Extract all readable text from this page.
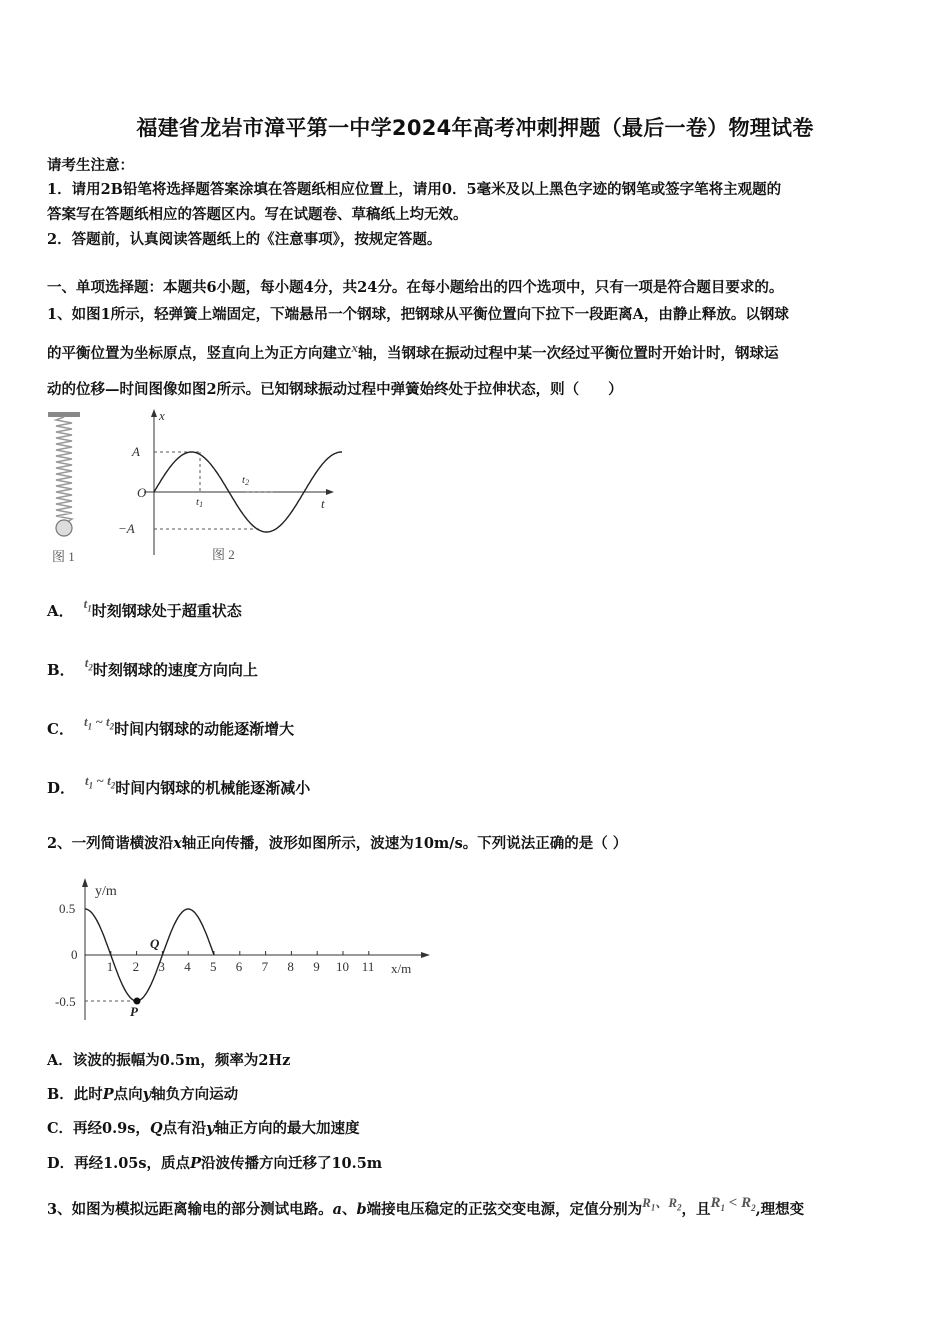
福建省龙岩市漳平第一中学2024年高考冲刺押题（最后一卷）物理试卷
请考生注意：
1．请用2B铅笔将选择题答案涂填在答题纸相应位置上，请用0．5毫米及以上黑色字迹的钢笔或签字笔将主观题的
答案写在答题纸相应的答题区内。写在试题卷、草稿纸上均无效。
2．答题前，认真阅读答题纸上的《注意事项》，按规定答题。
一、单项选择题：本题共6小题，每小题4分，共24分。在每小题给出的四个选项中，只有一项是符合题目要求的。
1、如图1所示，轻弹簧上端固定，下端悬吊一个钢球，把钢球从平衡位置向下拉下一段距离A，由静止释放。以钢球
的平衡位置为坐标原点，竖直向上为正方向建立x轴，当钢球在振动过程中某一次经过平衡位置时开始计时，钢球运
动的位移—时间图像如图2所示。已知钢球振动过程中弹簧始终处于拉伸状态，则（　　）
图 1
x
t
O
A
−A
t1
t2
图 2
A． $t_1$时刻钢球处于超重状态
B． $t_2$时刻钢球的速度方向向上
C． $t_1$ ~ $t_2$时间内钢球的动能逐渐增大
D． $t_1$ ~ $t_2$时间内钢球的机械能逐渐减小
2、一列简谐横波沿x轴正向传播，波形如图所示，波速为10m/s。下列说法正确的是（ ）
y/m
x/m
0.5
0
-0.5
1 2 3 4 5 6 7 8 9 10 11
P
Q
A．该波的振幅为0.5m，频率为2Hz
B．此时P点向y轴负方向运动
C．再经0.9s，Q点有沿y轴正方向的最大加速度
D．再经1.05s，质点P沿波传播方向迁移了10.5m
3、如图为模拟远距离输电的部分测试电路。a、b端接电压稳定的正弦交变电源，定值分别为$R_1$、$R_2$，且$R_1 < R_2$,理想变
